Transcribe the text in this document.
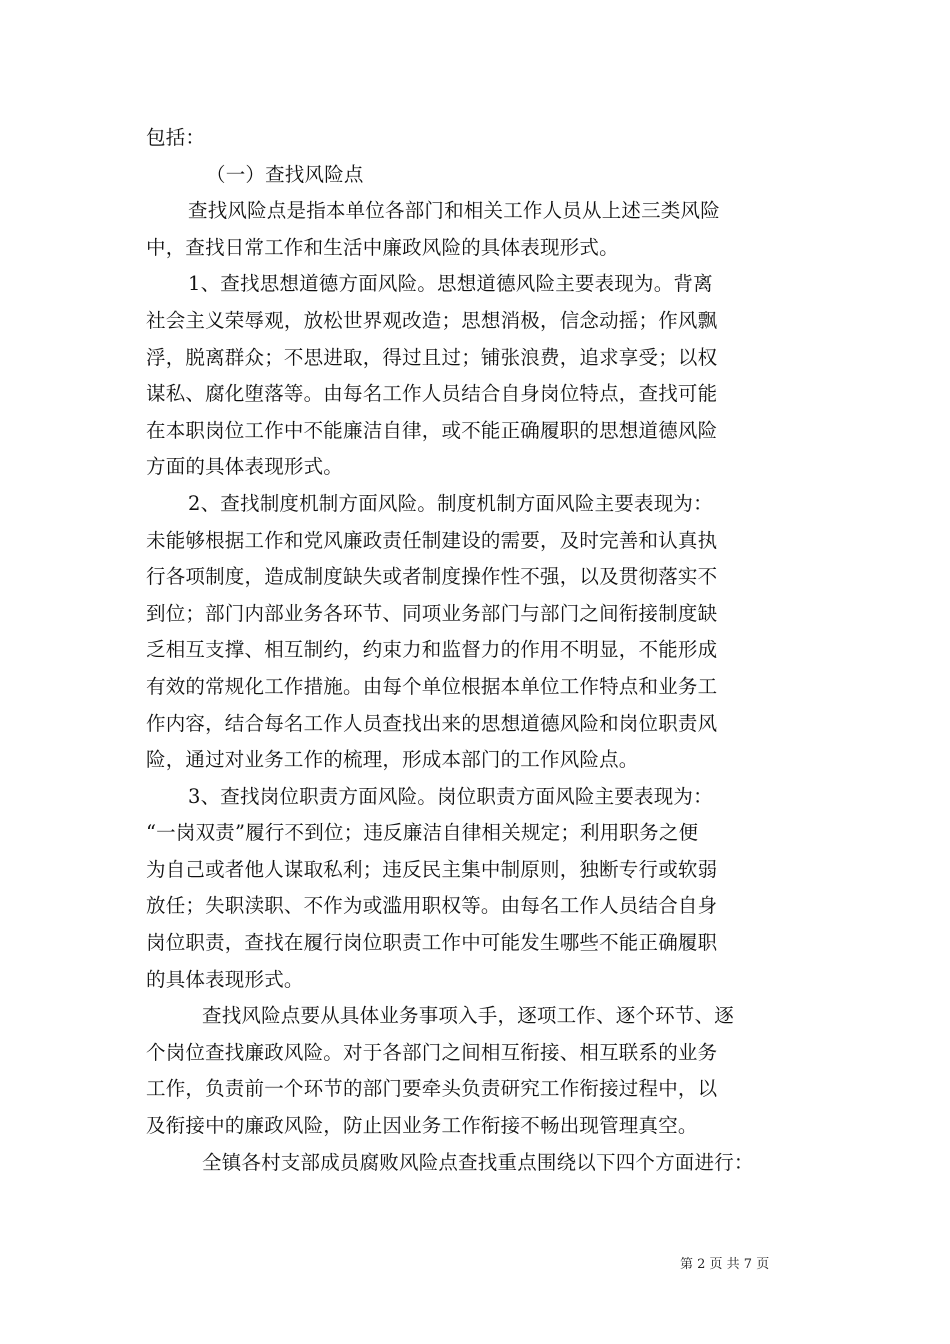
包括：
（一）查找风险点
查找风险点是指本单位各部门和相关工作人员从上述三类风险
中，查找日常工作和生活中廉政风险的具体表现形式。
1、查找思想道德方面风险。思想道德风险主要表现为。背离
社会主义荣辱观，放松世界观改造；思想消极，信念动摇；作风飘
浮，脱离群众；不思进取，得过且过；铺张浪费，追求享受；以权
谋私、腐化堕落等。由每名工作人员结合自身岗位特点，查找可能
在本职岗位工作中不能廉洁自律，或不能正确履职的思想道德风险
方面的具体表现形式。
2、查找制度机制方面风险。制度机制方面风险主要表现为：
未能够根据工作和党风廉政责任制建设的需要，及时完善和认真执
行各项制度，造成制度缺失或者制度操作性不强，以及贯彻落实不
到位；部门内部业务各环节、同项业务部门与部门之间衔接制度缺
乏相互支撑、相互制约，约束力和监督力的作用不明显，不能形成
有效的常规化工作措施。由每个单位根据本单位工作特点和业务工
作内容，结合每名工作人员查找出来的思想道德风险和岗位职责风
险，通过对业务工作的梳理，形成本部门的工作风险点。
3、查找岗位职责方面风险。岗位职责方面风险主要表现为：
“一岗双责”履行不到位；违反廉洁自律相关规定；利用职务之便
为自己或者他人谋取私利；违反民主集中制原则，独断专行或软弱
放任；失职渎职、不作为或滥用职权等。由每名工作人员结合自身
岗位职责，查找在履行岗位职责工作中可能发生哪些不能正确履职
的具体表现形式。
查找风险点要从具体业务事项入手，逐项工作、逐个环节、逐
个岗位查找廉政风险。对于各部门之间相互衔接、相互联系的业务
工作，负责前一个环节的部门要牵头负责研究工作衔接过程中，以
及衔接中的廉政风险，防止因业务工作衔接不畅出现管理真空。
全镇各村支部成员腐败风险点查找重点围绕以下四个方面进行：
第 2 页 共 7 页
